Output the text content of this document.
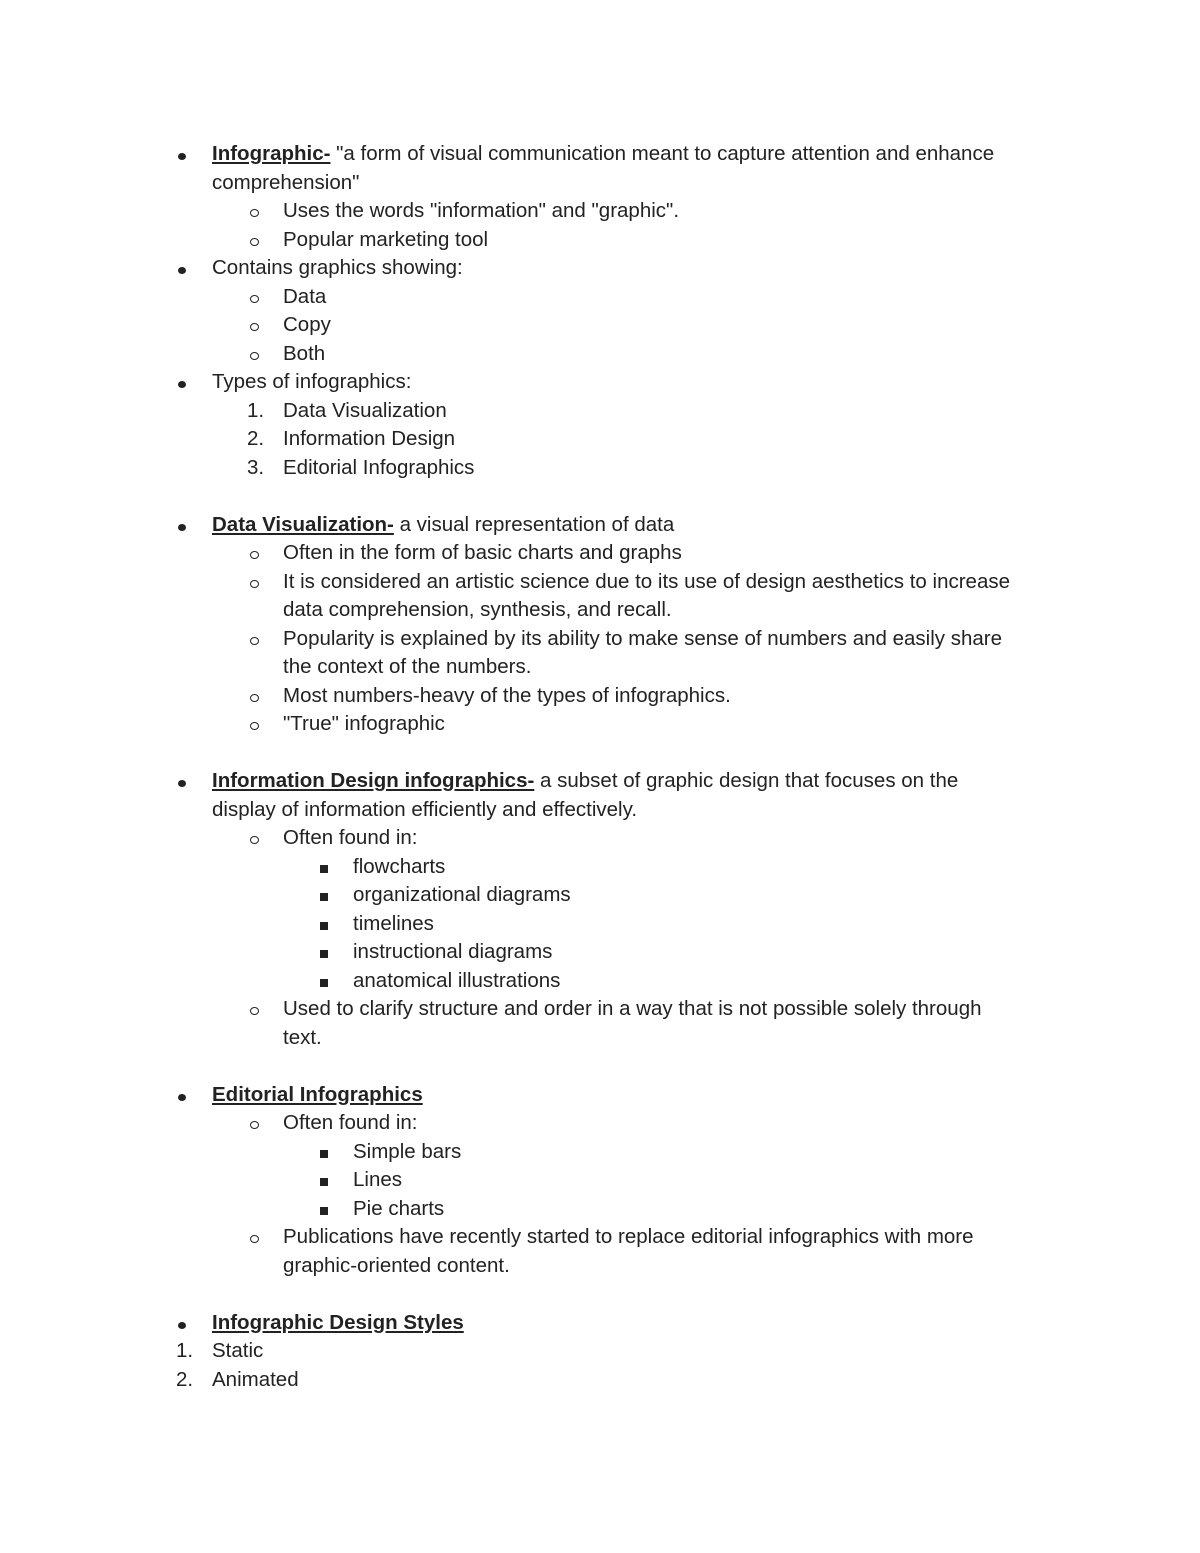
Infographic- "a form of visual communication meant to capture attention and enhance
comprehension"
Uses the words "information" and "graphic".
Popular marketing tool
Contains graphics showing:
Data
Copy
Both
Types of infographics:
1. Data Visualization
2. Information Design
3. Editorial Infographics
Data Visualization- a visual representation of data
Often in the form of basic charts and graphs
It is considered an artistic science due to its use of design aesthetics to increase
data comprehension, synthesis, and recall.
Popularity is explained by its ability to make sense of numbers and easily share
the context of the numbers.
Most numbers-heavy of the types of infographics.
"True" infographic
Information Design infographics- a subset of graphic design that focuses on the
display of information efficiently and effectively.
Often found in:
flowcharts
organizational diagrams
timelines
instructional diagrams
anatomical illustrations
Used to clarify structure and order in a way that is not possible solely through
text.
Editorial Infographics
Often found in:
Simple bars
Lines
Pie charts
Publications have recently started to replace editorial infographics with more
graphic-oriented content.
Infographic Design Styles
1. Static
2. Animated
